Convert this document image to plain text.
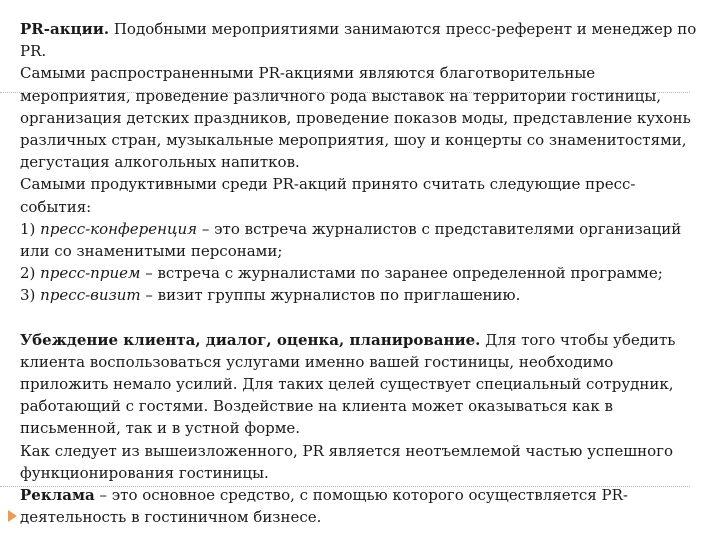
PR-акции. Подобными мероприятиями занимаются пресс-референт и менеджер по PR.

Самыми распространенными PR-акциями являются благотворительные мероприятия, проведение различного рода выставок на территории гостиницы, организация детских праздников, проведение показов моды, представление кухонь различных стран, музыкальные мероприятия, шоу и концерты со знаменитостями, дегустация алкогольных напитков.

Самыми продуктивными среди PR-акций принято считать следующие пресс-события:

1) пресс-конференция – это встреча журналистов с представителями организаций или со знаменитыми персонами;

2) пресс-прием – встреча с журналистами по заранее определенной программе;

3) пресс-визит – визит группы журналистов по приглашению.

Убеждение клиента, диалог, оценка, планирование. Для того чтобы убедить клиента воспользоваться услугами именно вашей гостиницы, необходимо приложить немало усилий. Для таких целей существует специальный сотрудник, работающий с гостями. Воздействие на клиента может оказываться как в письменной, так и в устной форме.

Как следует из вышеизложенного, PR является неотъемлемой частью успешного функционирования гостиницы.

Реклама – это основное средство, с помощью которого осуществляется PR-деятельность в гостиничном бизнесе.
